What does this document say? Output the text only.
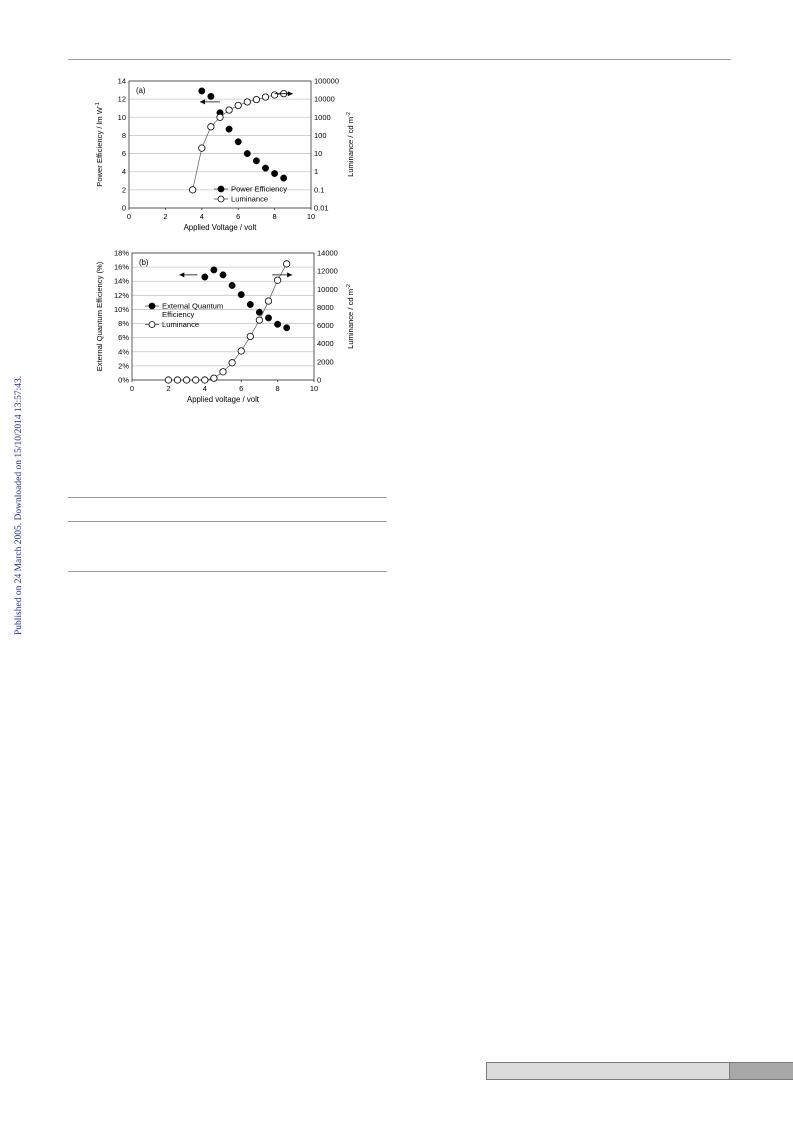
Published on 24 March 2005. Downloaded on 15/10/2014 13:57:43.
0	2	4	6	8	10
0
2
4
6
8
10
12
14
0.01
0.1
1
10
100
1000
10000
100000
Applied Voltage / volt
Power Efficiency / lm $W^{-1}$
Luminance / cd $m^{-2}$
(a)
Power Efficiency
Luminance
0	2	4	6	8	10
0%
2%
4%
6%
8%
10%
12%
14%
16%
18%
0
2000
4000
6000
8000
10000
12000
14000
Applied voltage / volt
External Quantum Efficiency (%)	Luminance / cd $m^{-2}$
(b)
External Quantum
Efficiency
Luminance
